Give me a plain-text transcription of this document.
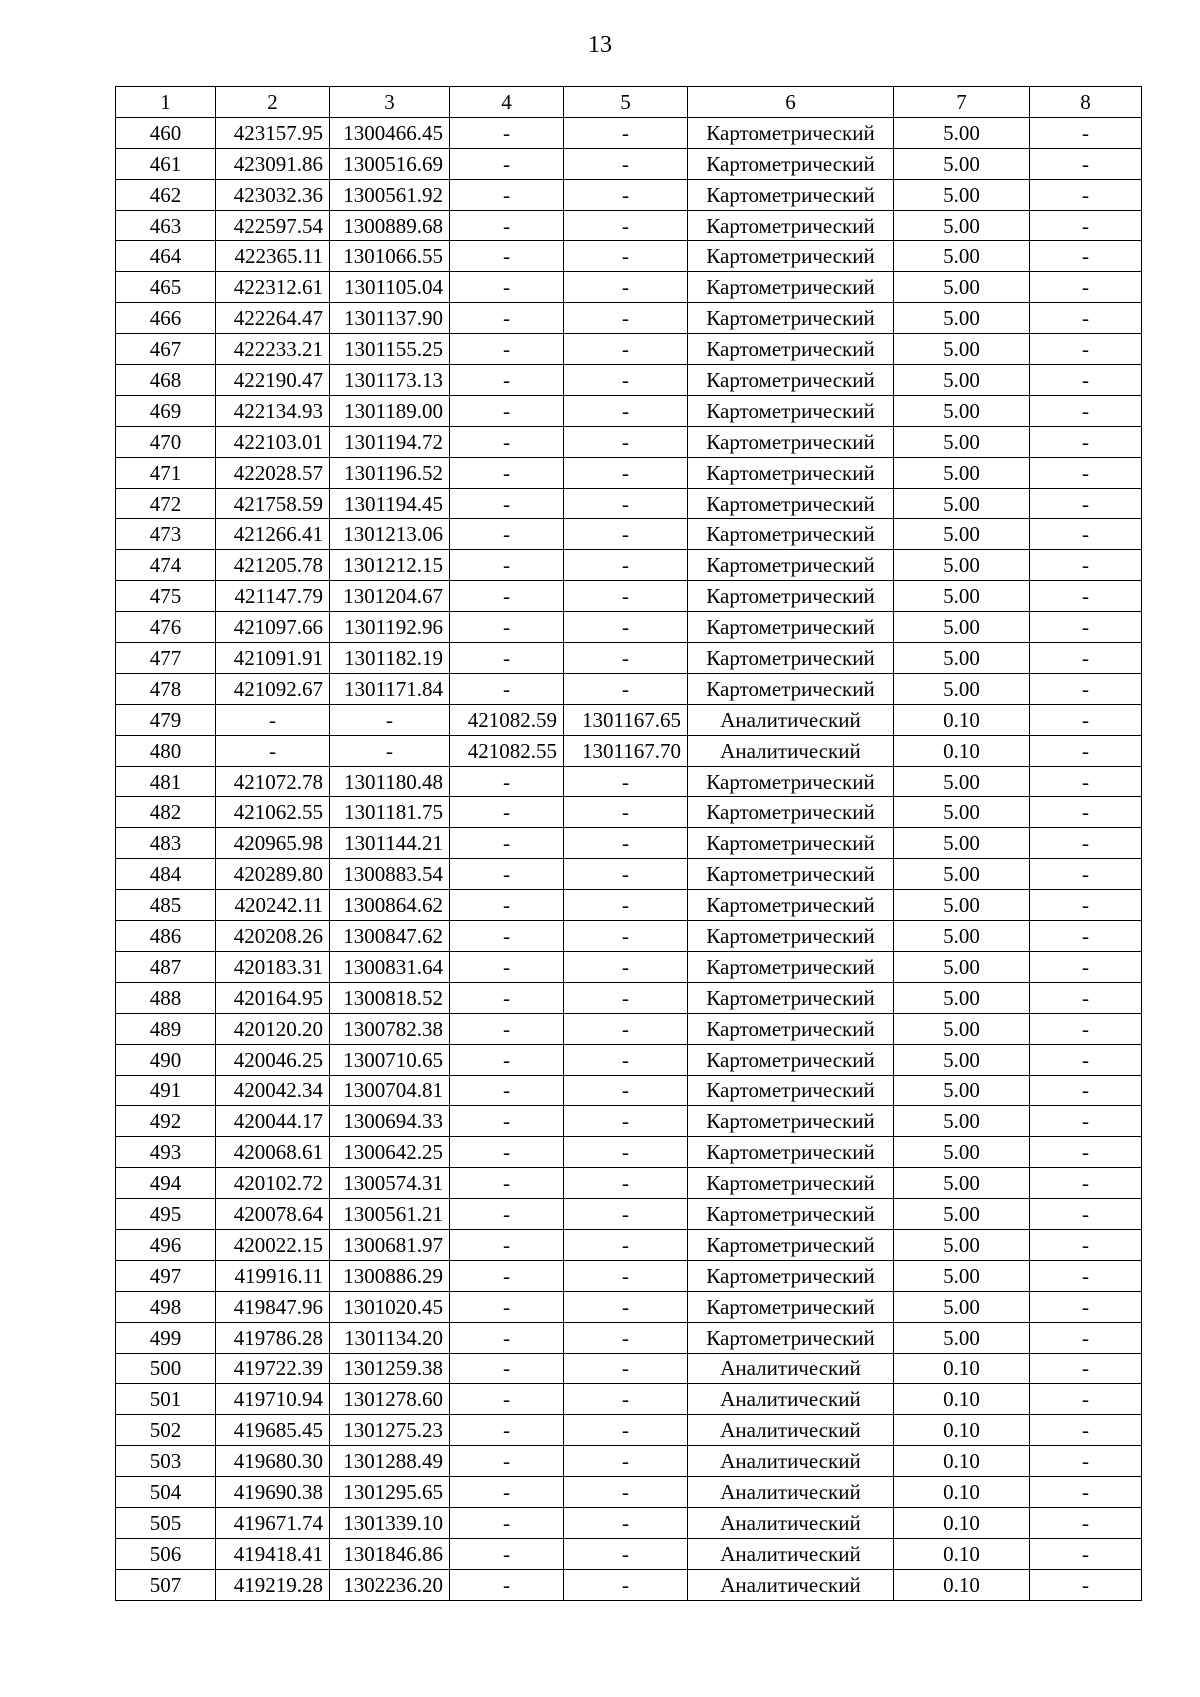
13
1	2	3	4	5	6	7	8
460	423157.95	1300466.45	-	-	Картометрический	5.00	-
461	423091.86	1300516.69	-	-	Картометрический	5.00	-
462	423032.36	1300561.92	-	-	Картометрический	5.00	-
463	422597.54	1300889.68	-	-	Картометрический	5.00	-
464	422365.11	1301066.55	-	-	Картометрический	5.00	-
465	422312.61	1301105.04	-	-	Картометрический	5.00	-
466	422264.47	1301137.90	-	-	Картометрический	5.00	-
467	422233.21	1301155.25	-	-	Картометрический	5.00	-
468	422190.47	1301173.13	-	-	Картометрический	5.00	-
469	422134.93	1301189.00	-	-	Картометрический	5.00	-
470	422103.01	1301194.72	-	-	Картометрический	5.00	-
471	422028.57	1301196.52	-	-	Картометрический	5.00	-
472	421758.59	1301194.45	-	-	Картометрический	5.00	-
473	421266.41	1301213.06	-	-	Картометрический	5.00	-
474	421205.78	1301212.15	-	-	Картометрический	5.00	-
475	421147.79	1301204.67	-	-	Картометрический	5.00	-
476	421097.66	1301192.96	-	-	Картометрический	5.00	-
477	421091.91	1301182.19	-	-	Картометрический	5.00	-
478	421092.67	1301171.84	-	-	Картометрический	5.00	-
479	-	-	421082.59	1301167.65	Аналитический	0.10	-
480	-	-	421082.55	1301167.70	Аналитический	0.10	-
481	421072.78	1301180.48	-	-	Картометрический	5.00	-
482	421062.55	1301181.75	-	-	Картометрический	5.00	-
483	420965.98	1301144.21	-	-	Картометрический	5.00	-
484	420289.80	1300883.54	-	-	Картометрический	5.00	-
485	420242.11	1300864.62	-	-	Картометрический	5.00	-
486	420208.26	1300847.62	-	-	Картометрический	5.00	-
487	420183.31	1300831.64	-	-	Картометрический	5.00	-
488	420164.95	1300818.52	-	-	Картометрический	5.00	-
489	420120.20	1300782.38	-	-	Картометрический	5.00	-
490	420046.25	1300710.65	-	-	Картометрический	5.00	-
491	420042.34	1300704.81	-	-	Картометрический	5.00	-
492	420044.17	1300694.33	-	-	Картометрический	5.00	-
493	420068.61	1300642.25	-	-	Картометрический	5.00	-
494	420102.72	1300574.31	-	-	Картометрический	5.00	-
495	420078.64	1300561.21	-	-	Картометрический	5.00	-
496	420022.15	1300681.97	-	-	Картометрический	5.00	-
497	419916.11	1300886.29	-	-	Картометрический	5.00	-
498	419847.96	1301020.45	-	-	Картометрический	5.00	-
499	419786.28	1301134.20	-	-	Картометрический	5.00	-
500	419722.39	1301259.38	-	-	Аналитический	0.10	-
501	419710.94	1301278.60	-	-	Аналитический	0.10	-
502	419685.45	1301275.23	-	-	Аналитический	0.10	-
503	419680.30	1301288.49	-	-	Аналитический	0.10	-
504	419690.38	1301295.65	-	-	Аналитический	0.10	-
505	419671.74	1301339.10	-	-	Аналитический	0.10	-
506	419418.41	1301846.86	-	-	Аналитический	0.10	-
507	419219.28	1302236.20	-	-	Аналитический	0.10	-
